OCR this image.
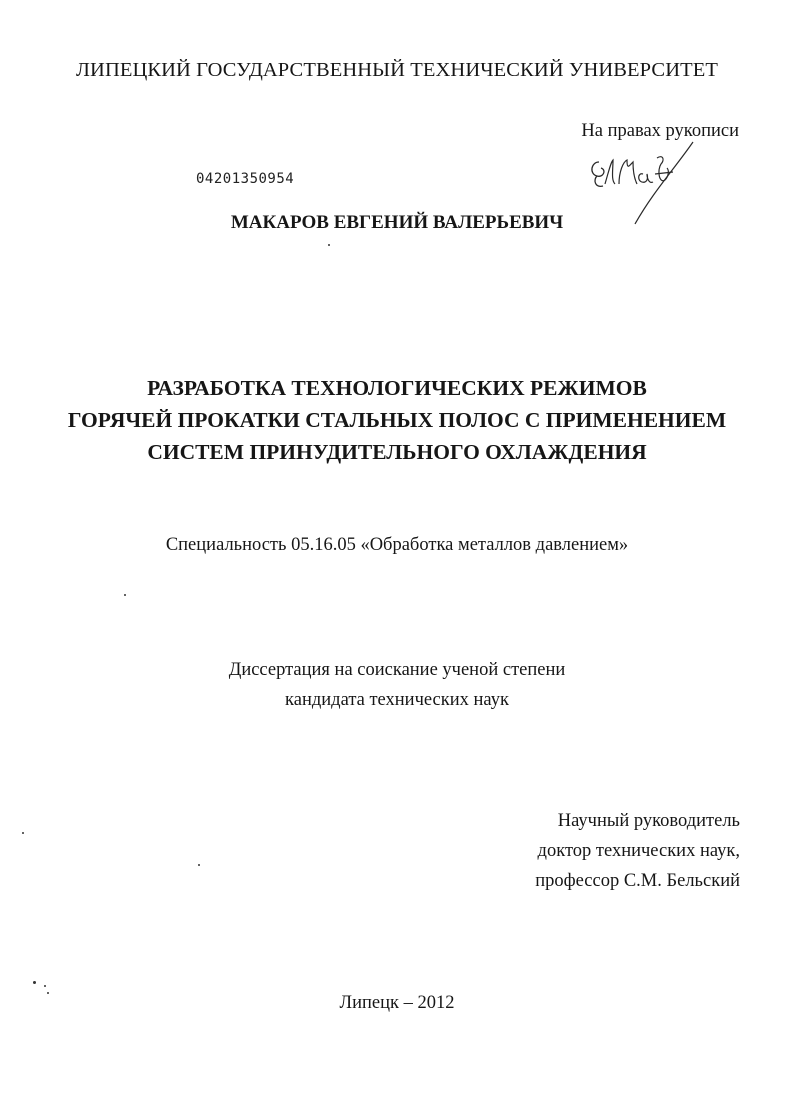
ЛИПЕЦКИЙ ГОСУДАРСТВЕННЫЙ ТЕХНИЧЕСКИЙ УНИВЕРСИТЕТ
На правах рукописи
04201350954
МАКАРОВ ЕВГЕНИЙ ВАЛЕРЬЕВИЧ
РАЗРАБОТКА ТЕХНОЛОГИЧЕСКИХ РЕЖИМОВ
ГОРЯЧЕЙ ПРОКАТКИ СТАЛЬНЫХ ПОЛОС С ПРИМЕНЕНИЕМ
СИСТЕМ ПРИНУДИТЕЛЬНОГО ОХЛАЖДЕНИЯ
Специальность 05.16.05 «Обработка металлов давлением»
Диссертация на соискание ученой степени
кандидата технических наук
Научный руководитель
доктор технических наук,
профессор С.М. Бельский
Липецк – 2012
